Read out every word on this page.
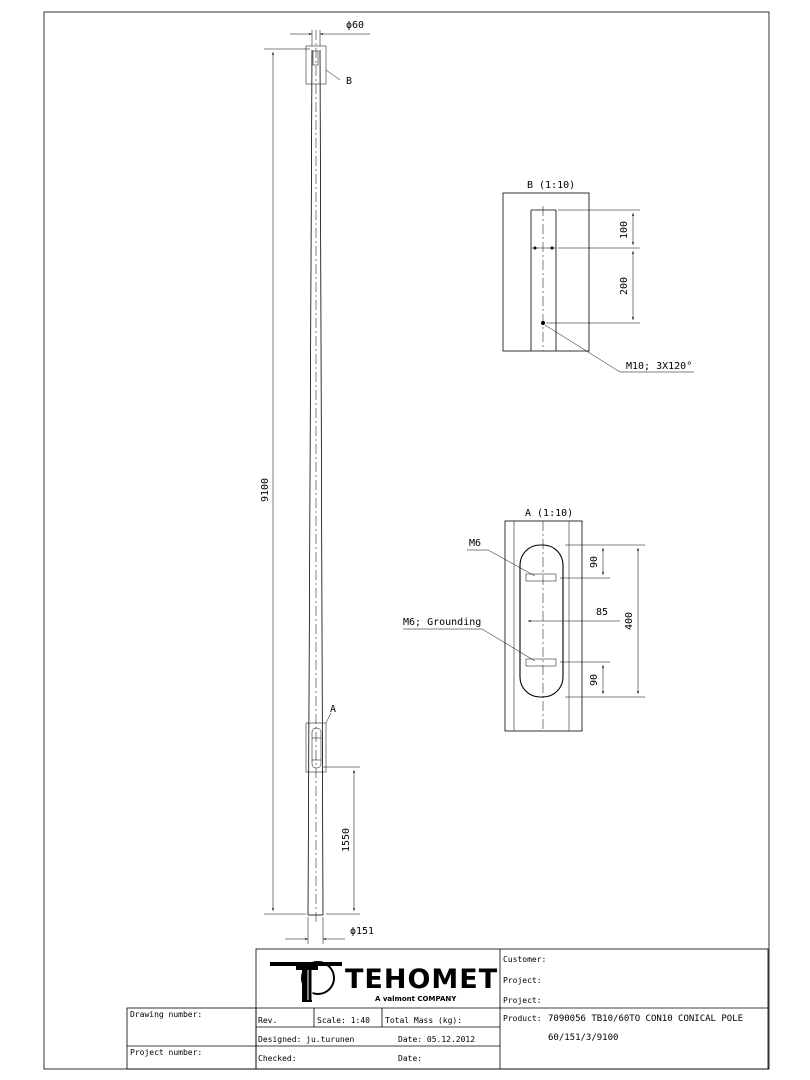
B
ϕ60
9100
A
1550
ϕ151
B (1:10)
100
200
M10; 3X120°
A (1:10)
M6
M6; Grounding
90
90
400
85
TEHOMET
A valmont COMPANY
Customer:
Project:
Project:
Product: 7090056 TB10/60TO CON10 CONICAL POLE
60/151/3/9100
Drawing number:
Project number:
Rev.	Scale: 1:40 Total Mass (kg):
Designed: ju.turunen	Date: 05.12.2012
Checked:	Date:
